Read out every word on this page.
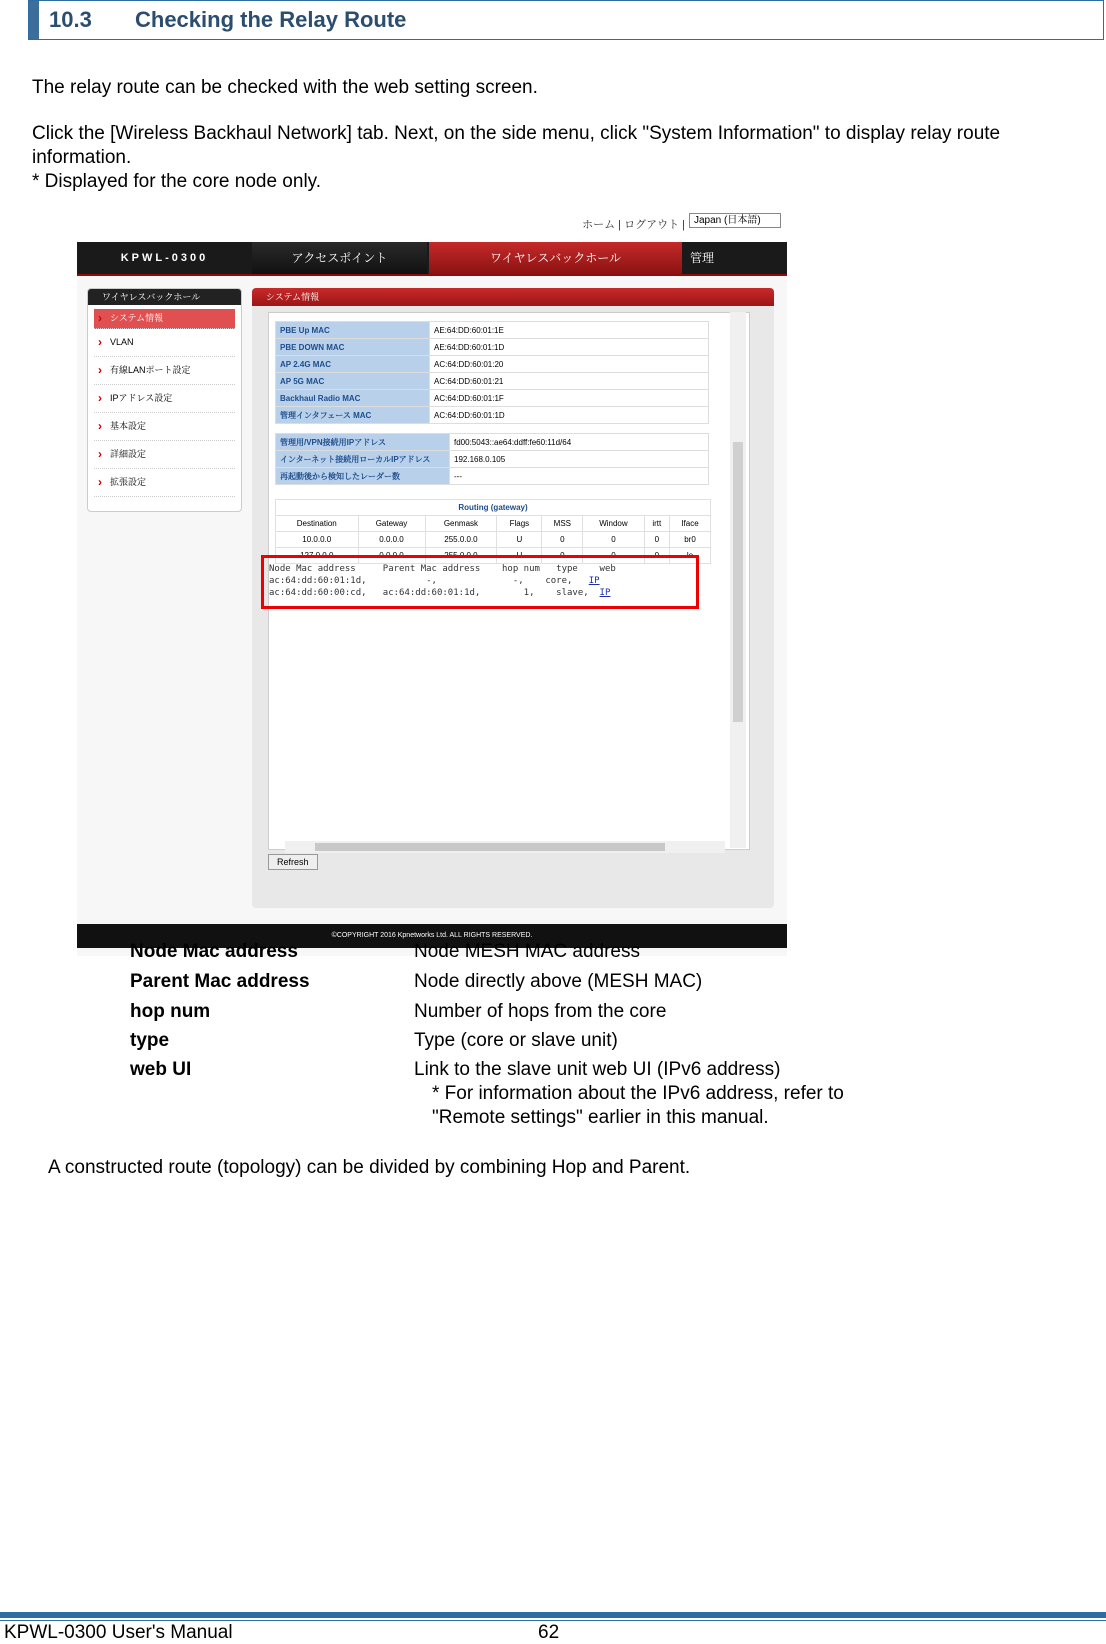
10.3	Checking the Relay Route
The relay route can be checked with the web setting screen.
Click the [Wireless Backhaul Network] tab. Next, on the side menu, click "System Information" to display relay route
information.
* Displayed for the core node only.
ホーム | ログアウト | Japan (日本語)
KPWL-0300	アクセスポイント	ワイヤレスバックホール	管理
ワイヤレスバックホール
› システム情報
› VLAN
› 有線LANポート設定
› IPアドレス設定
› 基本設定
› 詳細設定
› 拡張設定
システム情報
PBE Up MAC	AE:64:DD:60:01:1E
PBE DOWN MAC	AE:64:DD:60:01:1D
AP 2.4G MAC	AC:64:DD:60:01:20
AP 5G MAC	AC:64:DD:60:01:21
Backhaul Radio MAC	AC:64:DD:60:01:1F
管理インタフェース MAC	AC:64:DD:60:01:1D
管理用/VPN接続用IPアドレス	fd00:5043::ae64:ddff:fe60:11d/64
インターネット接続用ローカルIPアドレス	192.168.0.105
再起動後から検知したレーダー数	---
Routing (gateway)							
Destination	Gateway	Genmask	Flags	MSS	Window	irtt	Iface
10.0.0.0	0.0.0.0	255.0.0.0	U	0	0	0	br0
127.0.0.0	0.0.0.0	255.0.0.0	U	0	0	0	lo
Refresh
Node Mac address     Parent Mac address    hop num   type    web
ac:64:dd:60:01:1d,           -,              -,    core,   IP
ac:64:dd:60:00:cd,   ac:64:dd:60:01:1d,        1,    slave,  IP
©COPYRIGHT 2016 Kpnetworks Ltd. ALL RIGHTS RESERVED.
Node Mac address	Node MESH MAC address
Parent Mac address	Node directly above (MESH MAC)
hop num	Number of hops from the core
type	Type (core or slave unit)
web UI	Link to the slave unit web UI (IPv6 address)
* For information about the IPv6 address, refer to
"Remote settings" earlier in this manual.
A constructed route (topology) can be divided by combining Hop and Parent.
KPWL-0300 User's Manual	62
